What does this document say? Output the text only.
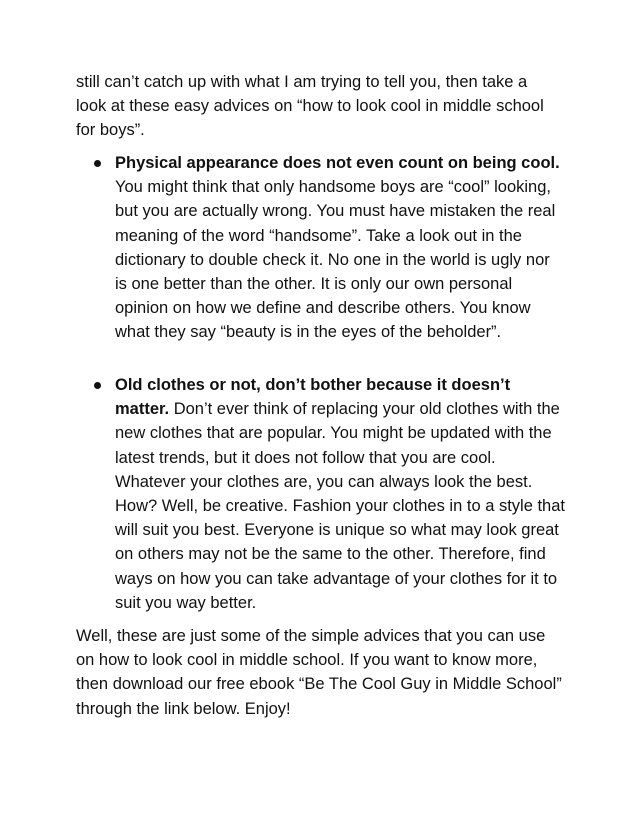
still can’t catch up with what I am trying to tell you, then take a look at these easy advices on “how to look cool in middle school for boys”.

Physical appearance does not even count on being cool. You might think that only handsome boys are “cool” looking, but you are actually wrong. You must have mistaken the real meaning of the word “handsome”. Take a look out in the dictionary to double check it. No one in the world is ugly nor is one better than the other. It is only our own personal opinion on how we define and describe others. You know what they say “beauty is in the eyes of the beholder”.
Old clothes or not, don’t bother because it doesn’t matter. Don’t ever think of replacing your old clothes with the new clothes that are popular. You might be updated with the latest trends, but it does not follow that you are cool. Whatever your clothes are, you can always look the best. How? Well, be creative. Fashion your clothes in to a style that will suit you best. Everyone is unique so what may look great on others may not be the same to the other. Therefore, find ways on how you can take advantage of your clothes for it to suit you way better.

Well, these are just some of the simple advices that you can use on how to look cool in middle school. If you want to know more, then download our free ebook “Be The Cool Guy in Middle School” through the link below. Enjoy!
